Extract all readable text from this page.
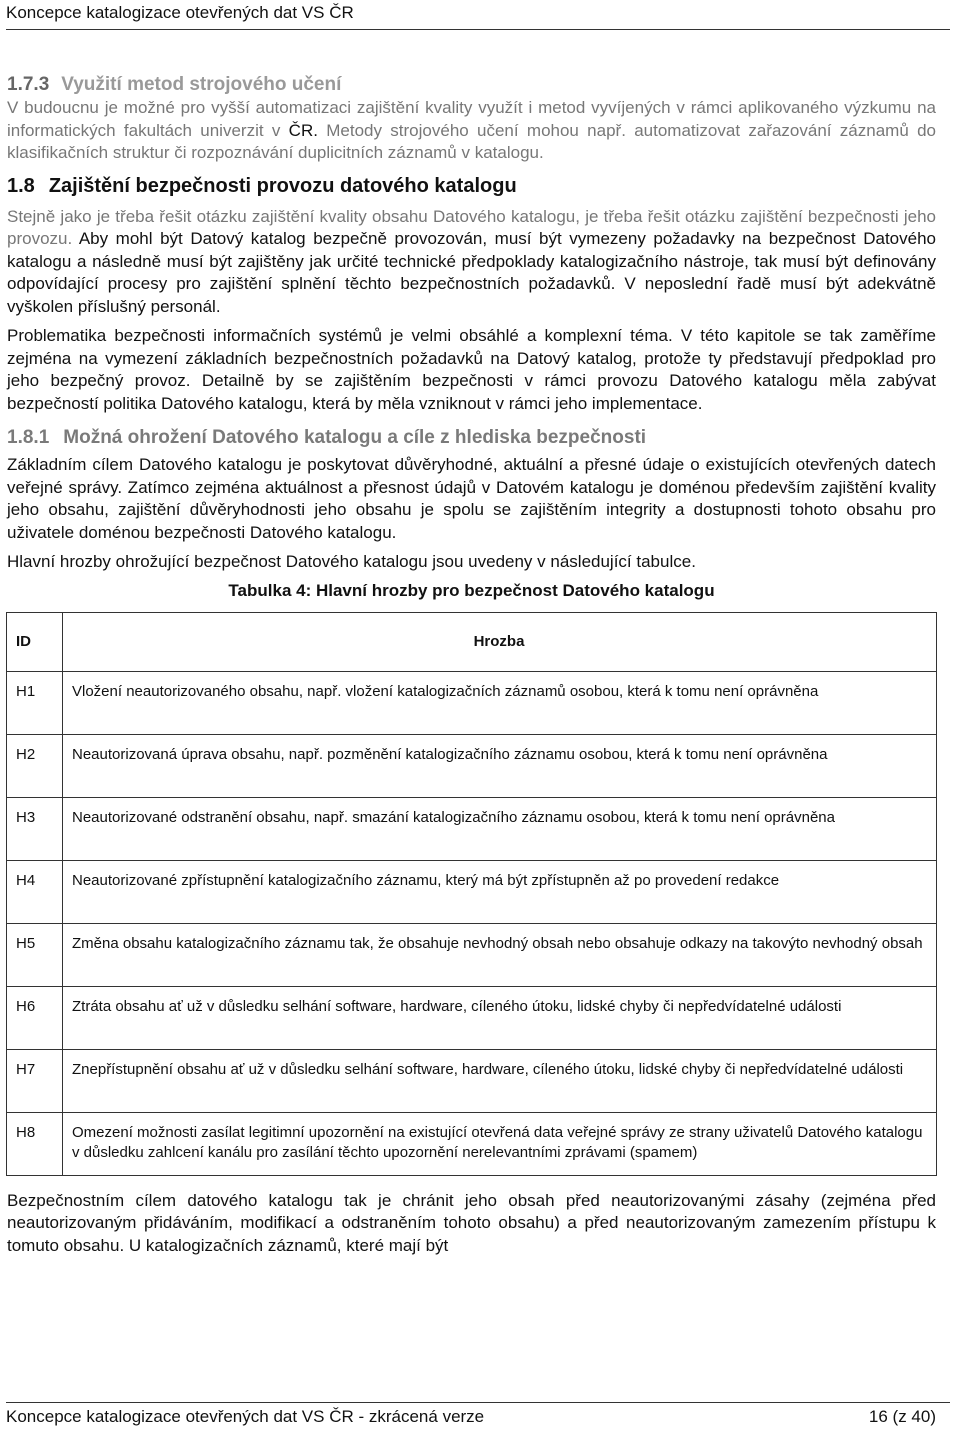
Koncepce katalogizace otevřených dat VS ČR
1.7.3 Využití metod strojového učení

V budoucnu je možné pro vyšší automatizaci zajištění kvality využít i metod vyvíjených v rámci aplikovaného výzkumu na informatických fakultách univerzit v ČR. Metody strojového učení mohou např. automatizovat zařazování záznamů do klasifikačních struktur či rozpoznávání duplicitních záznamů v katalogu.

1.8 Zajištění bezpečnosti provozu datového katalogu

Stejně jako je třeba řešit otázku zajištění kvality obsahu Datového katalogu, je třeba řešit otázku zajištění bezpečnosti jeho provozu. Aby mohl být Datový katalog bezpečně provozován, musí být vymezeny požadavky na bezpečnost Datového katalogu a následně musí být zajištěny jak určité technické předpoklady katalogizačního nástroje, tak musí být definovány odpovídající procesy pro zajištění splnění těchto bezpečnostních požadavků. V neposlední řadě musí být adekvátně vyškolen příslušný personál.

Problematika bezpečnosti informačních systémů je velmi obsáhlé a komplexní téma. V této kapitole se tak zaměříme zejména na vymezení základních bezpečnostních požadavků na Datový katalog, protože ty představují předpoklad pro jeho bezpečný provoz. Detailně by se zajištěním bezpečnosti v rámci provozu Datového katalogu měla zabývat bezpečností politika Datového katalogu, která by měla vzniknout v rámci jeho implementace.

1.8.1 Možná ohrožení Datového katalogu a cíle z hlediska bezpečnosti

Základním cílem Datového katalogu je poskytovat důvěryhodné, aktuální a přesné údaje o existujících otevřených datech veřejné správy. Zatímco zejména aktuálnost a přesnost údajů v Datovém katalogu je doménou především zajištění kvality jeho obsahu, zajištění důvěryhodnosti jeho obsahu je spolu se zajištěním integrity a dostupnosti tohoto obsahu pro uživatele doménou bezpečnosti Datového katalogu.

Hlavní hrozby ohrožující bezpečnost Datového katalogu jsou uvedeny v následující tabulce.

Tabulka 4: Hlavní hrozby pro bezpečnost Datového katalogu
ID	Hrozba
H1	Vložení neautorizovaného obsahu, např. vložení katalogizačních záznamů osobou, která k tomu není oprávněna
H2	Neautorizovaná úprava obsahu, např. pozměnění katalogizačního záznamu osobou, která k tomu není oprávněna
H3	Neautorizované odstranění obsahu, např. smazání katalogizačního záznamu osobou, která k tomu není oprávněna
H4	Neautorizované zpřístupnění katalogizačního záznamu, který má být zpřístupněn až po provedení redakce
H5	Změna obsahu katalogizačního záznamu tak, že obsahuje nevhodný obsah nebo obsahuje odkazy na takovýto nevhodný obsah
H6	Ztráta obsahu ať už v důsledku selhání software, hardware, cíleného útoku, lidské chyby či nepředvídatelné události
H7	Znepřístupnění obsahu ať už v důsledku selhání software, hardware, cíleného útoku, lidské chyby či nepředvídatelné události
H8	Omezení možnosti zasílat legitimní upozornění na existující otevřená data veřejné správy ze strany uživatelů Datového katalogu v důsledku zahlcení kanálu pro zasílání těchto upozornění nerelevantními zprávami (spamem)

Bezpečnostním cílem datového katalogu tak je chránit jeho obsah před neautorizovanými zásahy (zejména před neautorizovaným přidáváním, modifikací a odstraněním tohoto obsahu) a před neautorizovaným zamezením přístupu k tomuto obsahu. U katalogizačních záznamů, které mají být

Koncepce katalogizace otevřených dat VS ČR - zkrácená verze	16 (z 40)
